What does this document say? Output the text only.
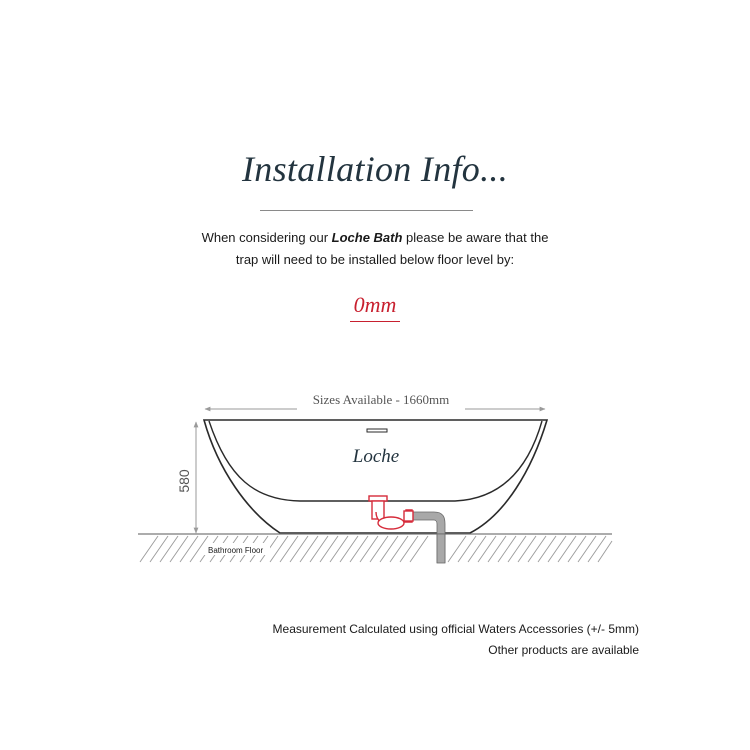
Installation Info...
When considering our Loche Bath please be aware that the
trap will need to be installed below floor level by:
0mm
Sizes Available - 1660mm
580
Loche
Bathroom Floor
Measurement Calculated using official Waters Accessories (+/- 5mm)
Other products are available
